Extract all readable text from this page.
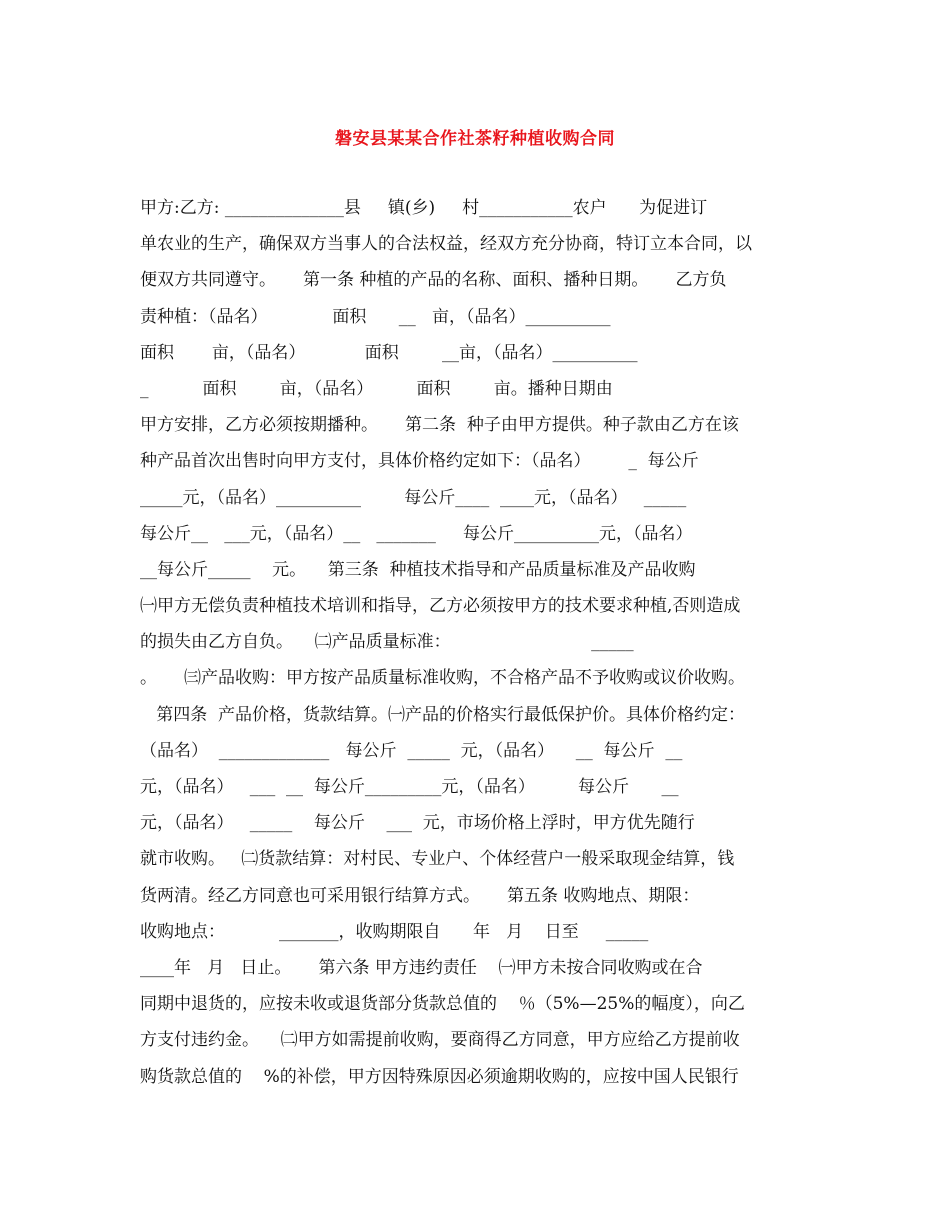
磐安县某某合作社茶籽种植收购合同
甲方:乙方: ______________县     镇(乡)     村___________农户      为促进订
单农业的生产，确保双方当事人的合法权益，经双方充分协商，特订立本合同，以
便双方共同遵守。     第一条 种植的产品的名称、面积、播种日期。     乙方负
责种植：（品名）            面积      __   亩，（品名）__________
面积       亩，（品名）           面积        __亩，（品名）__________
_          面积        亩，（品名）        面积        亩。播种日期由
甲方安排，乙方必须按期播种。     第二条  种子由甲方提供。种子款由乙方在该
种产品首次出售时向甲方支付，具体价格约定如下：（品名）       _  每公斤
_____元，（品名）__________        每公斤____  ____元，（品名）   _____
每公斤__   ___元，（品名）__   _______     每公斤__________元，（品名）
__每公斤_____    元。    第三条  种植技术指导和产品质量标准及产品收购
㈠甲方无偿负责种植技术培训和指导，乙方必须按甲方的技术要求种植,否则造成
的损失由乙方自负。    ㈡产品质量标准：                          _____
。     ㈢产品收购：甲方按产品质量标准收购，不合格产品不予收购或议价收购。
第四条  产品价格，货款结算。㈠产品的价格实行最低保护价。具体价格约定：
（品名）  _____________   每公斤  _____  元，（品名）    __  每公斤  __
元，（品名）   ___  __  每公斤_________元，（品名）        每公斤      __
元，（品名）   _____    每公斤    ___  元，市场价格上浮时，甲方优先随行
就市收购。   ㈡货款结算：对村民、专业户、个体经营户一般采取现金结算，钱
货两清。经乙方同意也可采用银行结算方式。     第五条 收购地点、期限：
收购地点：          _______，收购期限自      年   月    日至     _____
____年   月   日止。     第六条 甲方违约责任    ㈠甲方未按合同收购或在合
同期中退货的，应按未收或退货部分货款总值的    ％（5%—25%的幅度），向乙
方支付违约金。    ㈡甲方如需提前收购，要商得乙方同意，甲方应给乙方提前收
购货款总值的    %的补偿，甲方因特殊原因必须逾期收购的，应按中国人民银行
